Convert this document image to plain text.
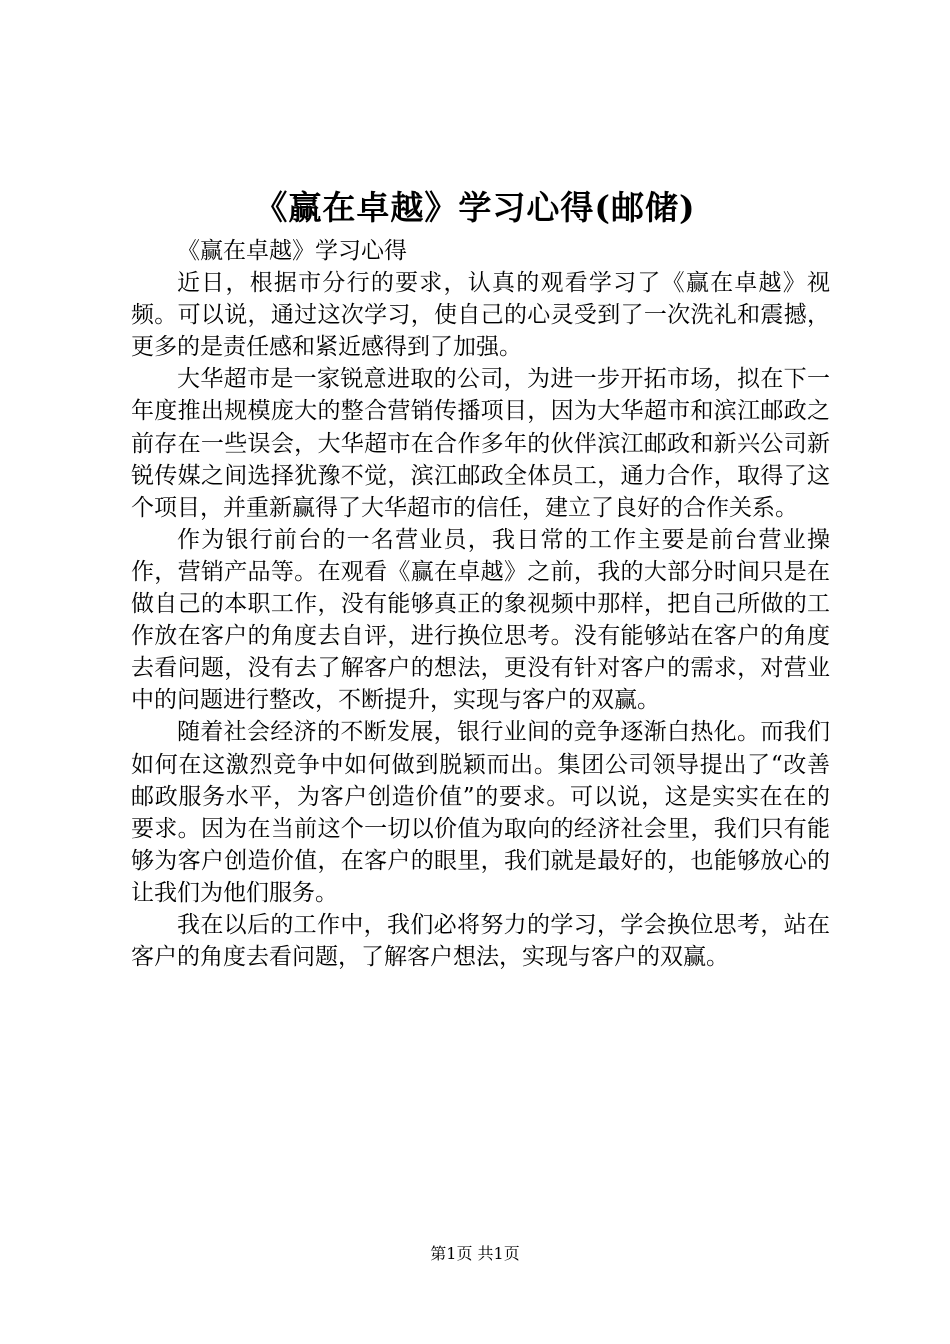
《赢在卓越》学习心得(邮储)

《赢在卓越》学习心得

近日，根据市分行的要求，认真的观看学习了《赢在卓越》视频。可以说，通过这次学习，使自己的心灵受到了一次洗礼和震撼，更多的是责任感和紧近感得到了加强。

大华超市是一家锐意进取的公司，为进一步开拓市场，拟在下一年度推出规模庞大的整合营销传播项目，因为大华超市和滨江邮政之前存在一些误会，大华超市在合作多年的伙伴滨江邮政和新兴公司新锐传媒之间选择犹豫不觉，滨江邮政全体员工，通力合作，取得了这个项目，并重新赢得了大华超市的信任，建立了良好的合作关系。

作为银行前台的一名营业员，我日常的工作主要是前台营业操作，营销产品等。在观看《赢在卓越》之前，我的大部分时间只是在做自己的本职工作，没有能够真正的象视频中那样，把自己所做的工作放在客户的角度去自评，进行换位思考。没有能够站在客户的角度去看问题，没有去了解客户的想法，更没有针对客户的需求，对营业中的问题进行整改，不断提升，实现与客户的双赢。

随着社会经济的不断发展，银行业间的竞争逐渐白热化。而我们如何在这激烈竞争中如何做到脱颖而出。集团公司领导提出了“改善邮政服务水平，为客户创造价值”的要求。可以说，这是实实在在的要求。因为在当前这个一切以价值为取向的经济社会里，我们只有能够为客户创造价值，在客户的眼里，我们就是最好的，也能够放心的让我们为他们服务。

我在以后的工作中，我们必将努力的学习，学会换位思考，站在客户的角度去看问题，了解客户想法，实现与客户的双赢。

第1页 共1页
